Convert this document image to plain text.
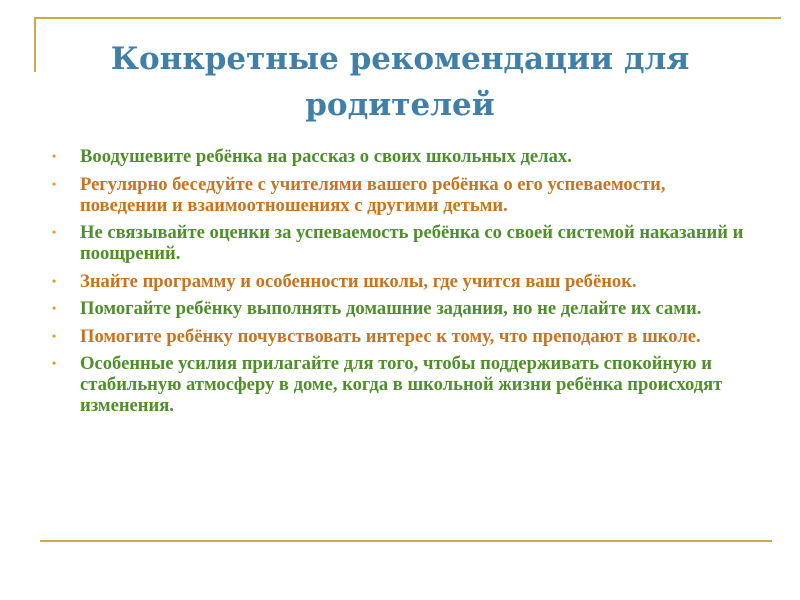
Конкретные рекомендации для родителей
•	Воодушевите ребёнка на рассказ о своих школьных делах.
•	Регулярно беседуйте с учителями вашего ребёнка о его успеваемости, поведении и взаимоотношениях с другими детьми.
•	Не связывайте оценки за успеваемость ребёнка со своей системой наказаний и поощрений.
•	Знайте программу и особенности школы, где учится ваш ребёнок.
•	Помогайте ребёнку выполнять домашние задания, но не делайте их сами.
•	Помогите ребёнку почувствовать интерес к тому, что преподают в школе.
•	Особенные усилия прилагайте для того, чтобы поддерживать спокойную и стабильную атмосферу в доме, когда в школьной жизни ребёнка происходят изменения.
